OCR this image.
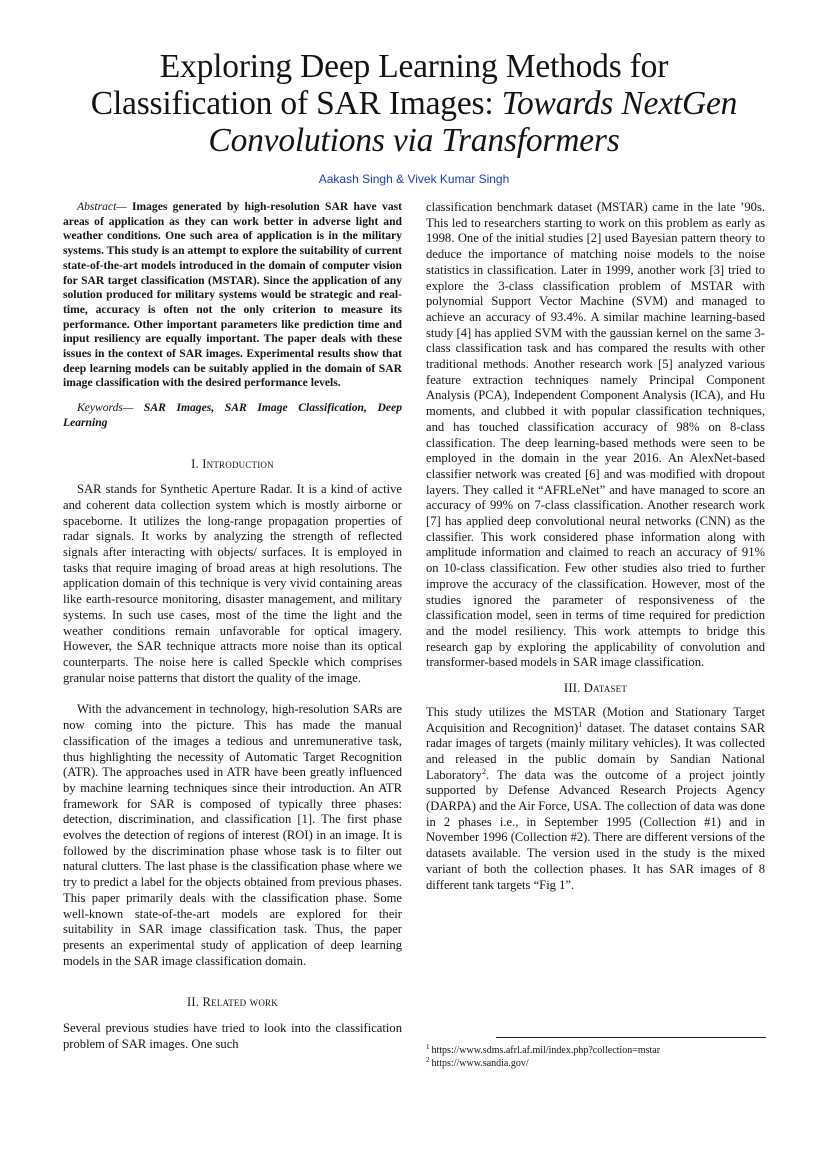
Exploring Deep Learning Methods for
Classification of SAR Images: Towards NextGen
Convolutions via Transformers
Aakash Singh & Vivek Kumar Singh

Abstract— Images generated by high-resolution SAR have vast areas of application as they can work better in adverse light and weather conditions. One such area of application is in the military systems. This study is an attempt to explore the suitability of current state-of-the-art models introduced in the domain of computer vision for SAR target classification (MSTAR). Since the application of any solution produced for military systems would be strategic and real-time, accuracy is often not the only criterion to measure its performance. Other important parameters like prediction time and input resiliency are equally important. The paper deals with these issues in the context of SAR images. Experimental results show that deep learning models can be suitably applied in the domain of SAR image classification with the desired performance levels.

Keywords— SAR Images, SAR Image Classification, Deep Learning

I. Introduction

SAR stands for Synthetic Aperture Radar. It is a kind of active and coherent data collection system which is mostly airborne or spaceborne. It utilizes the long-range propagation properties of radar signals. It works by analyzing the strength of reflected signals after interacting with objects/ surfaces. It is employed in tasks that require imaging of broad areas at high resolutions. The application domain of this technique is very vivid containing areas like earth-resource monitoring, disaster management, and military systems. In such use cases, most of the time the light and the weather conditions remain unfavorable for optical imagery. However, the SAR technique attracts more noise than its optical counterparts. The noise here is called Speckle which comprises granular noise patterns that distort the quality of the image.

With the advancement in technology, high-resolution SARs are now coming into the picture. This has made the manual classification of the images a tedious and unremunerative task, thus highlighting the necessity of Automatic Target Recognition (ATR). The approaches used in ATR have been greatly influenced by machine learning techniques since their introduction. An ATR framework for SAR is composed of typically three phases: detection, discrimination, and classification [1]. The first phase evolves the detection of regions of interest (ROI) in an image. It is followed by the discrimination phase whose task is to filter out natural clutters. The last phase is the classification phase where we try to predict a label for the objects obtained from previous phases. This paper primarily deals with the classification phase. Some well-known state-of-the-art models are explored for their suitability in SAR image classification task. Thus, the paper presents an experimental study of application of deep learning models in the SAR image classification domain.

II. Related work

Several previous studies have tried to look into the classification problem of SAR images. One such

classification benchmark dataset (MSTAR) came in the late ’90s. This led to researchers starting to work on this problem as early as 1998. One of the initial studies [2] used Bayesian pattern theory to deduce the importance of matching noise models to the noise statistics in classification. Later in 1999, another work [3] tried to explore the 3-class classification problem of MSTAR with polynomial Support Vector Machine (SVM) and managed to achieve an accuracy of 93.4%. A similar machine learning-based study [4] has applied SVM with the gaussian kernel on the same 3-class classification task and has compared the results with other traditional methods. Another research work [5] analyzed various feature extraction techniques namely Principal Component Analysis (PCA), Independent Component Analysis (ICA), and Hu moments, and clubbed it with popular classification techniques, and has touched classification accuracy of 98% on 8-class classification. The deep learning-based methods were seen to be employed in the domain in the year 2016. An AlexNet-based classifier network was created [6] and was modified with dropout layers. They called it “AFRLeNet” and have managed to score an accuracy of 99% on 7-class classification. Another research work [7] has applied deep convolutional neural networks (CNN) as the classifier. This work considered phase information along with amplitude information and claimed to reach an accuracy of 91% on 10-class classification. Few other studies also tried to further improve the accuracy of the classification. However, most of the studies ignored the parameter of responsiveness of the classification model, seen in terms of time required for prediction and the model resiliency. This work attempts to bridge this research gap by exploring the applicability of convolution and transformer-based models in SAR image classification.

III. Dataset

This study utilizes the MSTAR (Motion and Stationary Target Acquisition and Recognition)$^1$ dataset. The dataset contains SAR radar images of targets (mainly military vehicles). It was collected and released in the public domain by Sandian National Laboratory$^2$. The data was the outcome of a project jointly supported by Defense Advanced Research Projects Agency (DARPA) and the Air Force, USA. The collection of data was done in 2 phases i.e., in September 1995 (Collection #1) and in November 1996 (Collection #2). There are different versions of the datasets available. The version used in the study is the mixed variant of both the collection phases. It has SAR images of 8 different tank targets “Fig 1”.

$^1$ https://www.sdms.afrl.af.mil/index.php?collection=mstar
$^2$ https://www.sandia.gov/
